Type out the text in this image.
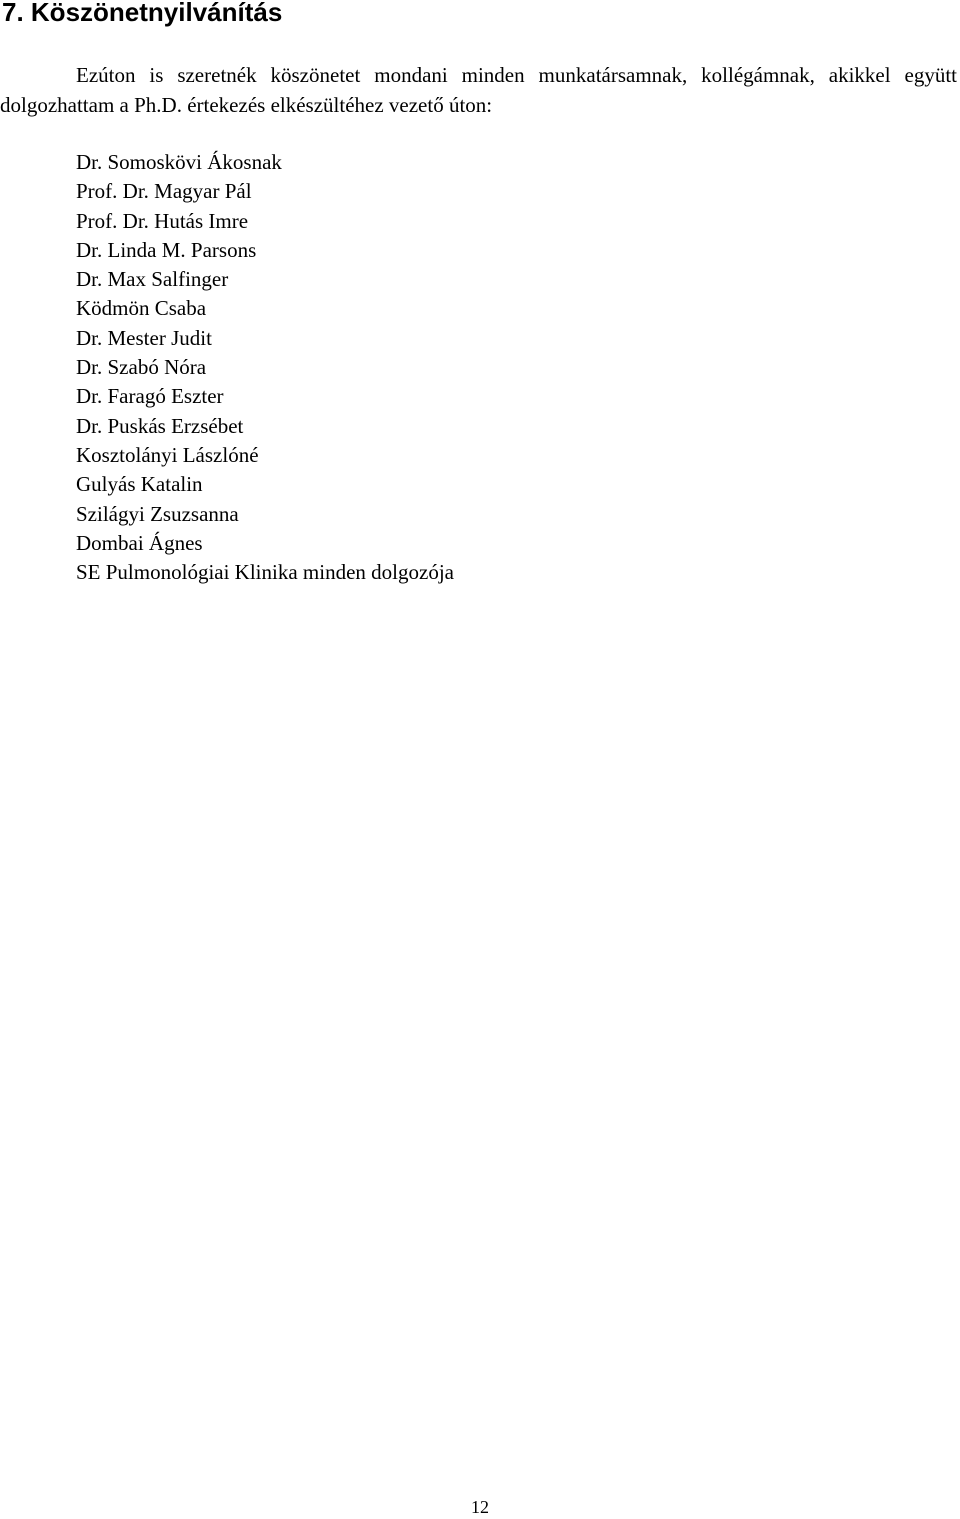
7. Köszönetnyilvánítás

Ezúton is szeretnék köszönetet mondani minden munkatársamnak, kollégámnak, akikkel együtt dolgozhattam a Ph.D. értekezés elkészültéhez vezető úton:

Dr. Somoskövi Ákosnak
Prof. Dr. Magyar Pál
Prof. Dr. Hutás Imre
Dr. Linda M. Parsons
Dr. Max Salfinger
Ködmön Csaba
Dr. Mester Judit
Dr. Szabó Nóra
Dr. Faragó Eszter
Dr. Puskás Erzsébet
Kosztolányi Lászlóné
Gulyás Katalin
Szilágyi Zsuzsanna
Dombai Ágnes
SE Pulmonológiai Klinika minden dolgozója
12
